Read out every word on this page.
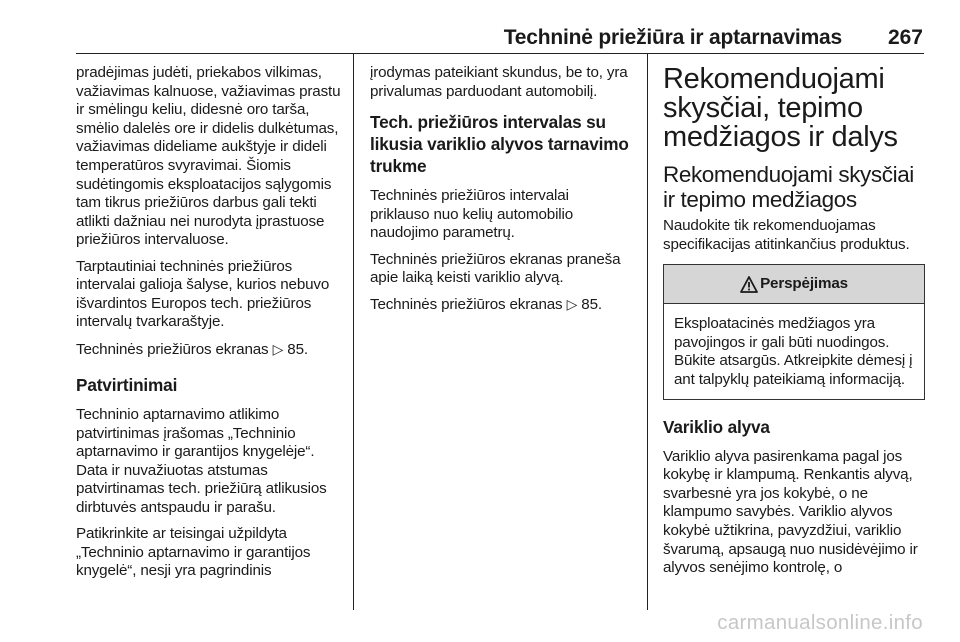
Techninė priežiūra ir aptarnavimas 267

pradėjimas judėti, priekabos vilkimas, važiavimas kalnuose, važiavimas prastu ir smėlingu keliu, didesnė oro tarša, smėlio dalelės ore ir didelis dulkėtumas, važiavimas dideliame aukštyje ir dideli temperatūros svyravimai. Šiomis sudėtingomis eksploatacijos sąlygomis tam tikrus priežiūros darbus gali tekti atlikti dažniau nei nurodyta įprastuose priežiūros intervaluose.

Tarptautiniai techninės priežiūros intervalai galioja šalyse, kurios nebuvo išvardintos Europos tech. priežiūros intervalų tvarkaraštyje.

Techninės priežiūros ekranas ▷ 85.

Patvirtinimai

Techninio aptarnavimo atlikimo patvirtinimas įrašomas „Techninio aptarnavimo ir garantijos knygelėje“. Data ir nuvažiuotas atstumas patvirtinamas tech. priežiūrą atlikusios dirbtuvės antspaudu ir parašu.

Patikrinkite ar teisingai užpildyta „Techninio aptarnavimo ir garantijos knygelė“, nesji yra pagrindinis

įrodymas pateikiant skundus, be to, yra privalumas parduodant automobilį.

Tech. priežiūros intervalas su likusia variklio alyvos tarnavimo trukme

Techninės priežiūros intervalai priklauso nuo kelių automobilio naudojimo parametrų.

Techninės priežiūros ekranas praneša apie laiką keisti variklio alyvą.

Techninės priežiūros ekranas ▷ 85.

Rekomenduojami skysčiai, tepimo medžiagos ir dalys
Rekomenduojami skysčiai ir tepimo medžiagos

Naudokite tik rekomenduojamas specifikacijas atitinkančius produktus.

Perspėjimas

Eksploatacinės medžiagos yra pavojingos ir gali būti nuodingos. Būkite atsargūs. Atkreipkite dėmesį į ant talpyklų pateikiamą informaciją.

Variklio alyva

Variklio alyva pasirenkama pagal jos kokybę ir klampumą. Renkantis alyvą, svarbesnė yra jos kokybė, o ne klampumo savybės. Variklio alyvos kokybė užtikrina, pavyzdžiui, variklio švarumą, apsaugą nuo nusidėvėjimo ir alyvos senėjimo kontrolę, o

carmanualsonline.info
